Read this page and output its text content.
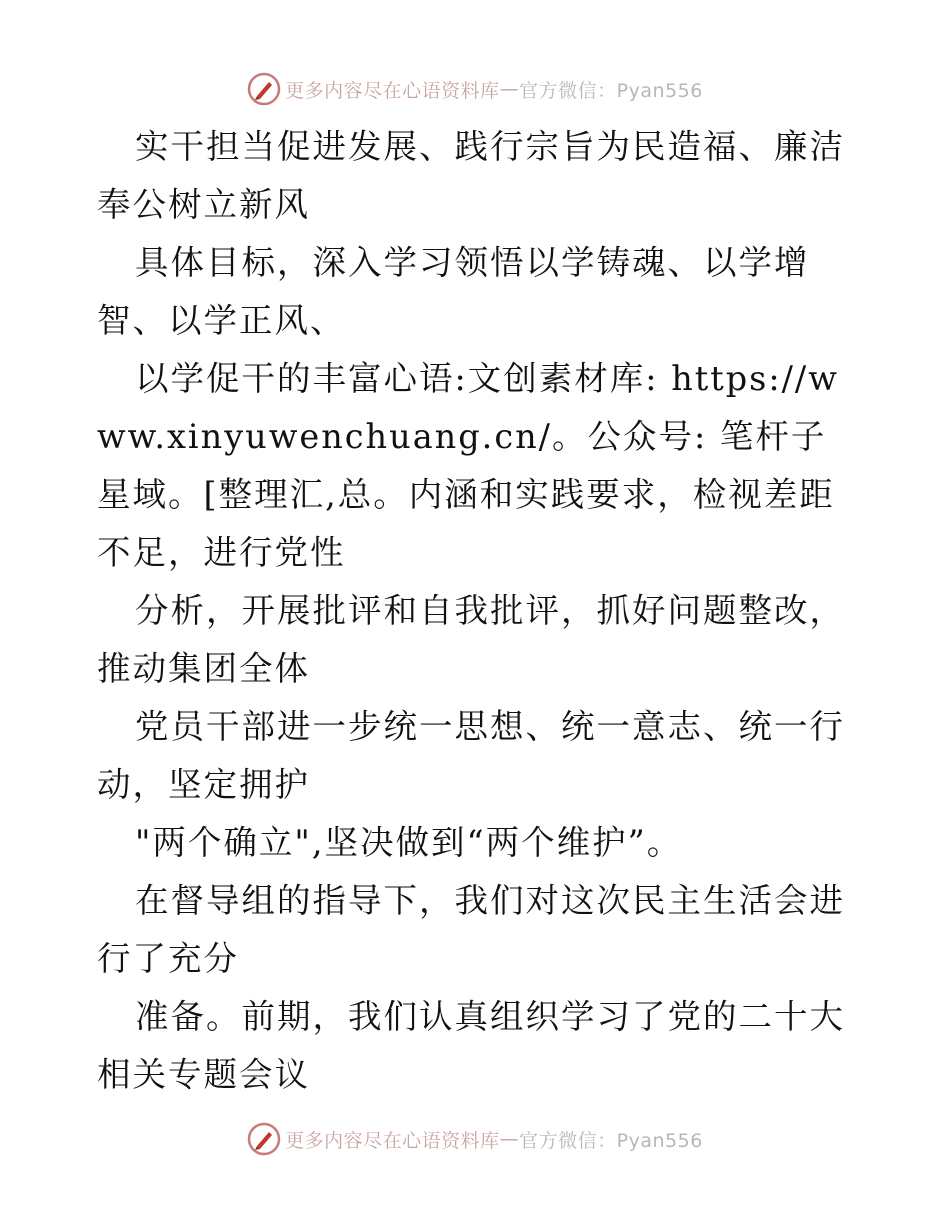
更多内容尽在心语资料库 — 官方微信：Pyan556

实干担当促进发展、践行宗旨为民造福、廉洁奉公树立新风

具体目标，深入学习领悟以学铸魂、以学增智、以学正风、

以学促干的丰富心语:文创素材库: https://www.xinyuwenchuang.cn/。公众号: 笔杆子星域。[整理汇,总。内涵和实践要求，检视差距不足，进行党性

分析，开展批评和自我批评，抓好问题整改，推动集团全体

党员干部进一步统一思想、统一意志、统一行动，坚定拥护

"两个确立",坚决做到“两个维护”。

在督导组的指导下，我们对这次民主生活会进行了充分

准备。前期，我们认真组织学习了党的二十大相关专题会议

更多内容尽在心语资料库 — 官方微信：Pyan556
